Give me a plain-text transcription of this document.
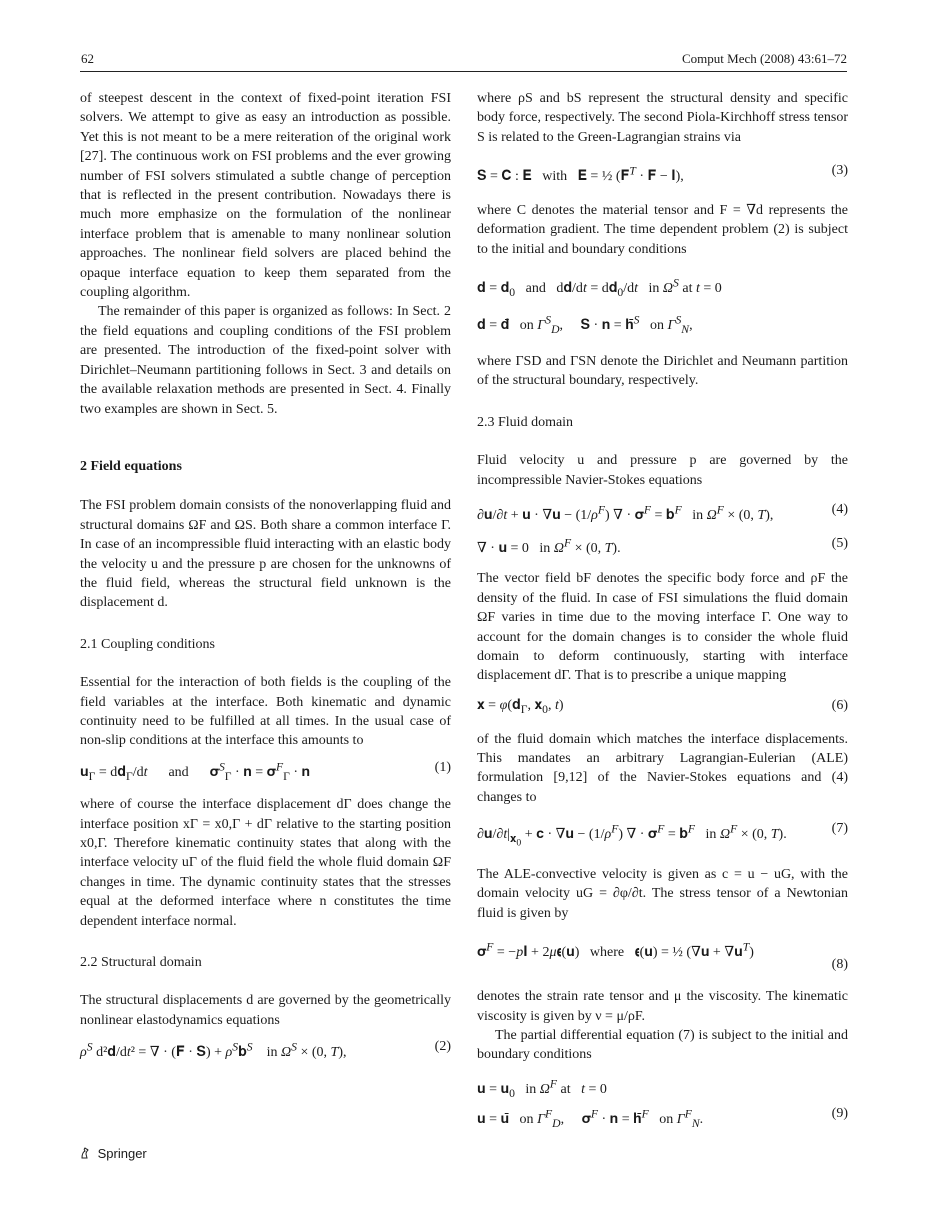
62	Comput Mech (2008) 43:61–72

of steepest descent in the context of fixed-point iteration FSI solvers. We attempt to give as easy an introduction as possible. Yet this is not meant to be a mere reiteration of the original work [27]. The continuous work on FSI problems and the ever growing number of FSI solvers stimulated a subtle change of perception that is reflected in the present contribution. Nowadays there is much more emphasize on the formulation of the nonlinear interface problem that is amenable to many nonlinear solution approaches. The nonlinear field solvers are placed behind the opaque interface equation to keep them separated from the coupling algorithm.

The remainder of this paper is organized as follows: In Sect. 2 the field equations and coupling conditions of the FSI problem are presented. The introduction of the fixed-point solver with Dirichlet–Neumann partitioning follows in Sect. 3 and details on the available relaxation methods are presented in Sect. 4. Finally two examples are shown in Sect. 5.

2 Field equations

The FSI problem domain consists of the nonoverlapping fluid and structural domains ΩF and ΩS. Both share a common interface Γ. In case of an incompressible fluid interacting with an elastic body the velocity u and the pressure p are chosen for the unknowns of the fluid field, whereas the structural field unknown is the displacement d.

2.1 Coupling conditions

Essential for the interaction of both fields is the coupling of the field variables at the interface. Both kinematic and dynamic continuity need to be fulfilled at all times. In the usual case of non-slip conditions at the interface this amounts to

𝐮$_\Gamma$ = d𝐝$_\Gamma$/dt      and      𝛔$^S_\Gamma$ · 𝐧 = 𝛔$^F_\Gamma$ · 𝐧	(1)

where of course the interface displacement dΓ does change the interface position xΓ = x0,Γ + dΓ relative to the starting position x0,Γ. Therefore kinematic continuity states that along with the interface velocity uΓ of the fluid field the whole fluid domain ΩF changes in time. The dynamic continuity states that the stresses equal at the deformed interface where n constitutes the time dependent interface normal.

2.2 Structural domain

The structural displacements d are governed by the geometrically nonlinear elastodynamics equations

$\rho^S$ d²𝐝/dt² = ∇ · (𝐅 · 𝐒) + $\rho^S𝐛^S$    in $\Omega^S \times (0$, T),	(2)

where ρS and bS represent the structural density and specific body force, respectively. The second Piola-Kirchhoff stress tensor S is related to the Green-Lagrangian strains via

𝐒 = 𝐂 : 𝐄   with   𝐄 = ½ (𝐅$^T$ · 𝐅 − 𝐈),	(3)

where C denotes the material tensor and F = ∇d represents the deformation gradient. The time dependent problem (2) is subject to the initial and boundary conditions

𝐝 = 𝐝$_0$   and   d𝐝/dt = d𝐝$_0$/dt   in $\Omega^S$ at t = 0
𝐝 = 𝐝̄   on $\Gamma^S_D$,     𝐒 · 𝐧 = 𝐡̄$^S$   on $\Gamma^S_N$,

where ΓSD and ΓSN denote the Dirichlet and Neumann partition of the structural boundary, respectively.

2.3 Fluid domain

Fluid velocity u and pressure p are governed by the incompressible Navier-Stokes equations

∂𝐮/∂t + 𝐮 · ∇𝐮 − $(1/\rho^F)$ ∇ · 𝛔$^F$ = 𝐛$^F$   in $\Omega^F \times (0$, T),	(4)
∇ · 𝐮 = 0   in $\Omega^F \times (0$, T).	(5)

The vector field bF denotes the specific body force and ρF the density of the fluid. In case of FSI simulations the fluid domain ΩF varies in time due to the moving interface Γ. One way to account for the domain changes is to consider the whole fluid domain to deform continuously, starting with interface displacement dΓ. That is to prescribe a unique mapping

𝐱 = φ(𝐝$_\Gamma$, 𝐱$_0$, t)	(6)

of the fluid domain which matches the interface displacements. This mandates an arbitrary Lagrangian-Eulerian (ALE) formulation [9,12] of the Navier-Stokes equations and (4) changes to

$\partial 𝐮/\partial t|_{𝐱_0}$ + 𝐜 · ∇𝐮 − $(1/\rho^F)$ ∇ · 𝛔$^F$ = 𝐛$^F$   in $\Omega^F \times (0$, T).	(7)

The ALE-convective velocity is given as c = u − uG, with the domain velocity uG = ∂φ/∂t. The stress tensor of a Newtonian fluid is given by

𝛔$^F$ = −p𝐈 + 2μ𝛜(𝐮)   where   𝛜(𝐮) = ½ (∇𝐮 + ∇𝐮$^T$)
(8)

denotes the strain rate tensor and μ the viscosity. The kinematic viscosity is given by ν = μ/ρF.

The partial differential equation (7) is subject to the initial and boundary conditions

𝐮 = 𝐮$_0$   in $\Omega^F$ at   t = 0
𝐮 = 𝐮̄   on $\Gamma^F_D$,     𝛔$^F$ · 𝐧 = 𝐡̄$^F$   on $\Gamma^F_N$.	(9)
Springer
